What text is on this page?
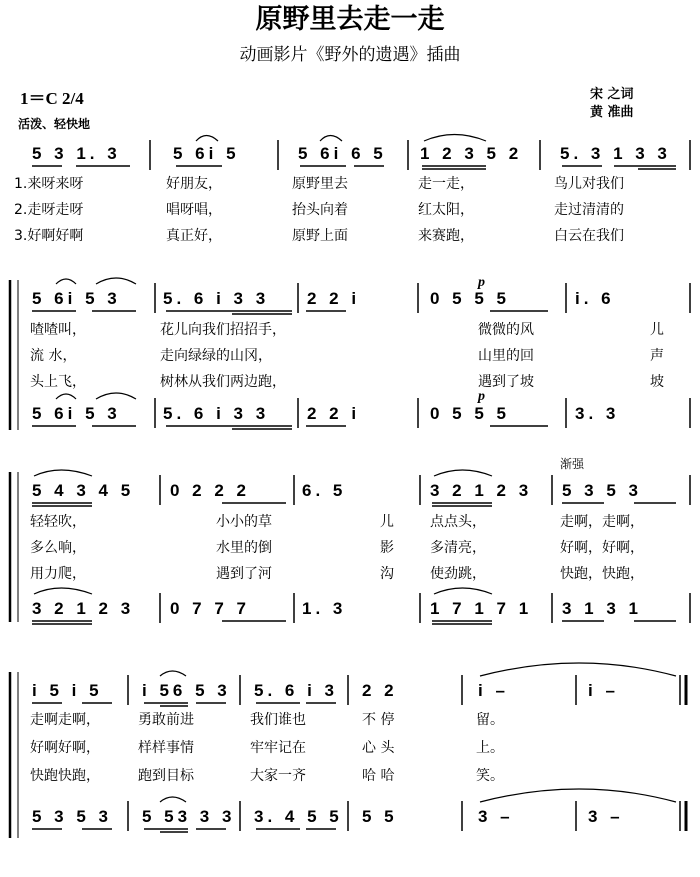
原野里去走一走
动画影片《野外的遗遇》插曲
宋 之词
黄 准曲
1＝C 2/4
活泼、轻快地
渐强
5 3 1. 3	5 6i 5	5 6i 6 5 1 2 3 5 2 5. 3 1 3 3
1.来呀来呀	好朋友，	原野里去	走一走，	鸟儿对我们
2.走呀走呀	唱呀唱，	抬头向着	红太阳，	走过清清的
3.好啊好啊	真正好，	原野上面	来赛跑，	白云在我们
5 6i 5 3 5. 6 i 3 3 2 2 i	0 5 5 5	i. 6
p
喳喳叫，	花儿向我们招招手，	微微的风	儿
流 水，	走向绿绿的山冈，	山里的回	声
头上飞，	树林从我们两边跑，	遇到了坡	坡
5 6i 5 3 5. 6 i 3 3 2 2 i	0 5 5 5	3. 3
p
5 4 3 4 5 0 2 2 2	6. 5	3 2 1 2 3 5 3 5 3
轻轻吹，	小小的草	儿	点点头，	走啊，走啊，
多么响，	水里的倒	影	多清亮，	好啊，好啊，
用力爬，	遇到了河	沟	使劲跳，	快跑，快跑，
3 2 1 2 3 0 7 7 7	1. 3	1 7 1 7 1 3 1 3 1
i 5 i 5 i 56 5 3 5. 6 i 3 2 2	i –	i –
走啊走啊，	勇敢前进	我们谁也	不 停	留。
好啊好啊，	样样事情	牢牢记在	心 头	上。
快跑快跑，	跑到目标	大家一齐	哈 哈	笑。
5 3 5 3 5 53 3 3 3. 4 5 5 5 5	3 –	3 –
